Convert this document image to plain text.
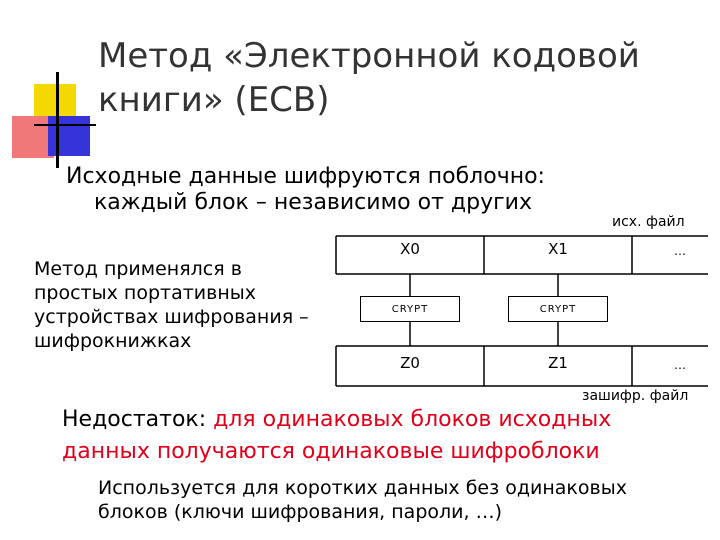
Метод «Электронной кодовой
книги» (ЕСВ)
Исходные данные шифруются поблочно:
каждый блок – независимо от других
Метод применялся в
простых портативных
устройствах шифрования –
шифрокнижках
исх. файл
X0	X1	…
CRYPT	CRYPT
Z0	Z1	…
зашифр. файл
Недостаток: для одинаковых блоков исходных
данных получаются одинаковые шифроблоки
Используется для коротких данных без одинаковых
блоков (ключи шифрования, пароли, …)
